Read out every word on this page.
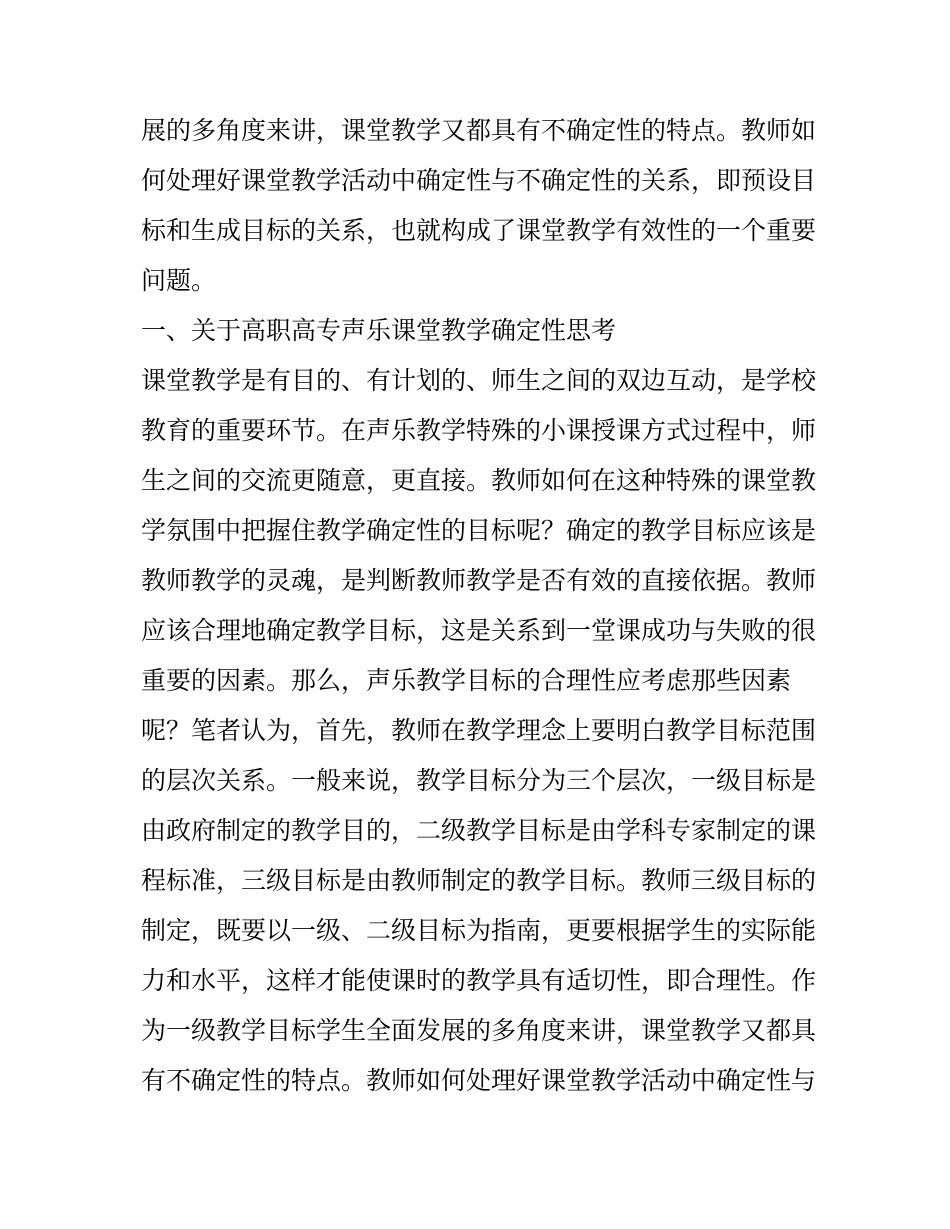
展的多角度来讲，课堂教学又都具有不确定性的特点。教师如
何处理好课堂教学活动中确定性与不确定性的关系，即预设目
标和生成目标的关系，也就构成了课堂教学有效性的一个重要
问题。
一、关于高职高专声乐课堂教学确定性思考
课堂教学是有目的、有计划的、师生之间的双边互动，是学校
教育的重要环节。在声乐教学特殊的小课授课方式过程中，师
生之间的交流更随意，更直接。教师如何在这种特殊的课堂教
学氛围中把握住教学确定性的目标呢？确定的教学目标应该是
教师教学的灵魂，是判断教师教学是否有效的直接依据。教师
应该合理地确定教学目标，这是关系到一堂课成功与失败的很
重要的因素。那么，声乐教学目标的合理性应考虑那些因素
呢？笔者认为，首先，教师在教学理念上要明白教学目标范围
的层次关系。一般来说，教学目标分为三个层次，一级目标是
由政府制定的教学目的，二级教学目标是由学科专家制定的课
程标准，三级目标是由教师制定的教学目标。教师三级目标的
制定，既要以一级、二级目标为指南，更要根据学生的实际能
力和水平，这样才能使课时的教学具有适切性，即合理性。作
为一级教学目标学生全面发展的多角度来讲，课堂教学又都具
有不确定性的特点。教师如何处理好课堂教学活动中确定性与
